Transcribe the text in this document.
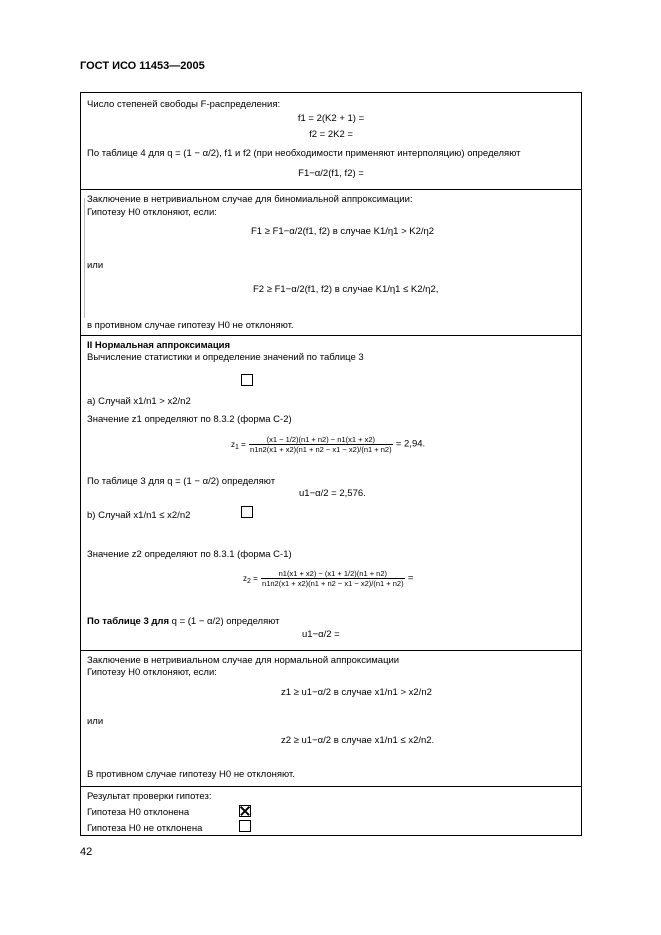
ГОСТ ИСО 11453—2005
Число степеней свободы F-распределения:
f1 = 2(K2 + 1) =
f2 = 2K2 =
По таблице 4 для q = (1 − α/2), f1 и f2 (при необходимости применяют интерполяцию) определяют
F1−α/2(f1, f2) =
Заключение в нетривиальном случае для биномиальной аппроксимации:
Гипотезу H0 отклоняют, если:
F1 ≥ F1−α/2(f1, f2) в случае K1/η1 > K2/η2
или
F2 ≥ F1−α/2(f1, f2) в случае K1/η1 ≤ K2/η2,
в противном случае гипотезу H0 не отклоняют.
II Нормальная аппроксимация
Вычисление статистики и определение значений по таблице 3
a) Случай x1/n1 > x2/n2
Значение z1 определяют по 8.3.2 (форма С-2)
$z_1 = \frac{(x1 - 1/2)(n1 + n2) - n1(x1 + x2)}{n1n2(x1 + x2)(n1 + n2 - x1 - x2)/(n1 + n2)} = 2,94$.
По таблице 3 для q = (1 − α/2) определяют
u1−α/2 = 2,576.
b) Случай x1/n1 ≤ x2/n2
Значение z2 определяют по 8.3.1 (форма С-1)
$z_2 = \frac{n1(x1 + x2) - (x1 + 1/2)(n1 + n2)}{n1n2(x1 + x2)(n1 + n2 - x1 - x2)/(n1 + n2)}$ =
По таблице 3 для q = (1 − α/2) определяют
u1−α/2 =
Заключение в нетривиальном случае для нормальной аппроксимации
Гипотезу H0 отклоняют, если:
z1 ≥ u1−α/2 в случае x1/n1 > x2/n2
или
z2 ≥ u1−α/2 в случае x1/n1 ≤ x2/n2.
В противном случае гипотезу H0 не отклоняют.
Результат проверки гипотез:
Гипотеза H0 отклонена
Гипотеза H0 не отклонена
42
